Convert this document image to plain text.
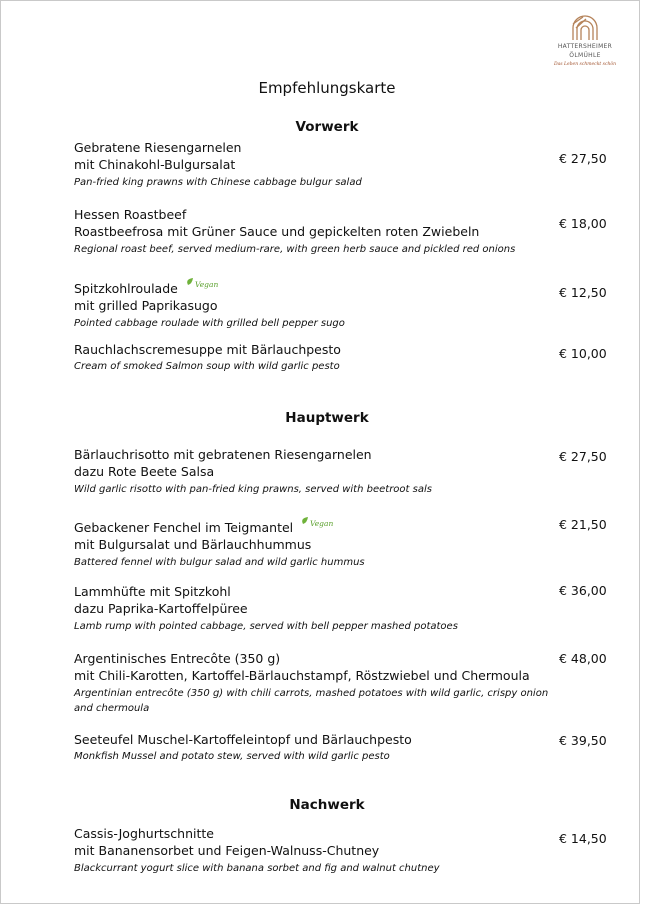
HATTERSHEIMER
ÖLMÜHLE
Das Leben schmeckt schön
Empfehlungskarte
Vorwerk
Gebratene Riesengarnelen
mit Chinakohl-Bulgursalat
Pan-fried king prawns with Chinese cabbage bulgur salad
€ 27,50
Hessen Roastbeef
Roastbeefrosa mit Grüner Sauce und gepickelten roten Zwiebeln
Regional roast beef, served medium-rare, with green herb sauce and pickled red onions
€ 18,00
Spitzkohlroulade Vegan
mit grilled Paprikasugo
Pointed cabbage roulade with grilled bell pepper sugo
€ 12,50
Rauchlachscremesuppe mit Bärlauchpesto
Cream of smoked Salmon soup with wild garlic pesto
€ 10,00
Hauptwerk
Bärlauchrisotto mit gebratenen Riesengarnelen
dazu Rote Beete Salsa
Wild garlic risotto with pan-fried king prawns, served with beetroot sals
€ 27,50
Gebackener Fenchel im Teigmantel Vegan
mit Bulgursalat und Bärlauchhummus
Battered fennel with bulgur salad and wild garlic hummus
€ 21,50
Lammhüfte mit Spitzkohl
dazu Paprika-Kartoffelpüree
Lamb rump with pointed cabbage, served with bell pepper mashed potatoes
€ 36,00
Argentinisches Entrecôte (350 g)
mit Chili-Karotten, Kartoffel-Bärlauchstampf, Röstzwiebel und Chermoula
Argentinian entrecôte (350 g) with chili carrots, mashed potatoes with wild garlic, crispy onion and chermoula
€ 48,00
Seeteufel Muschel-Kartoffeleintopf und Bärlauchpesto
Monkfish Mussel and potato stew, served with wild garlic pesto
€ 39,50
Nachwerk
Cassis-Joghurtschnitte
mit Bananensorbet und Feigen-Walnuss-Chutney
Blackcurrant yogurt slice with banana sorbet and fig and walnut chutney
€ 14,50
